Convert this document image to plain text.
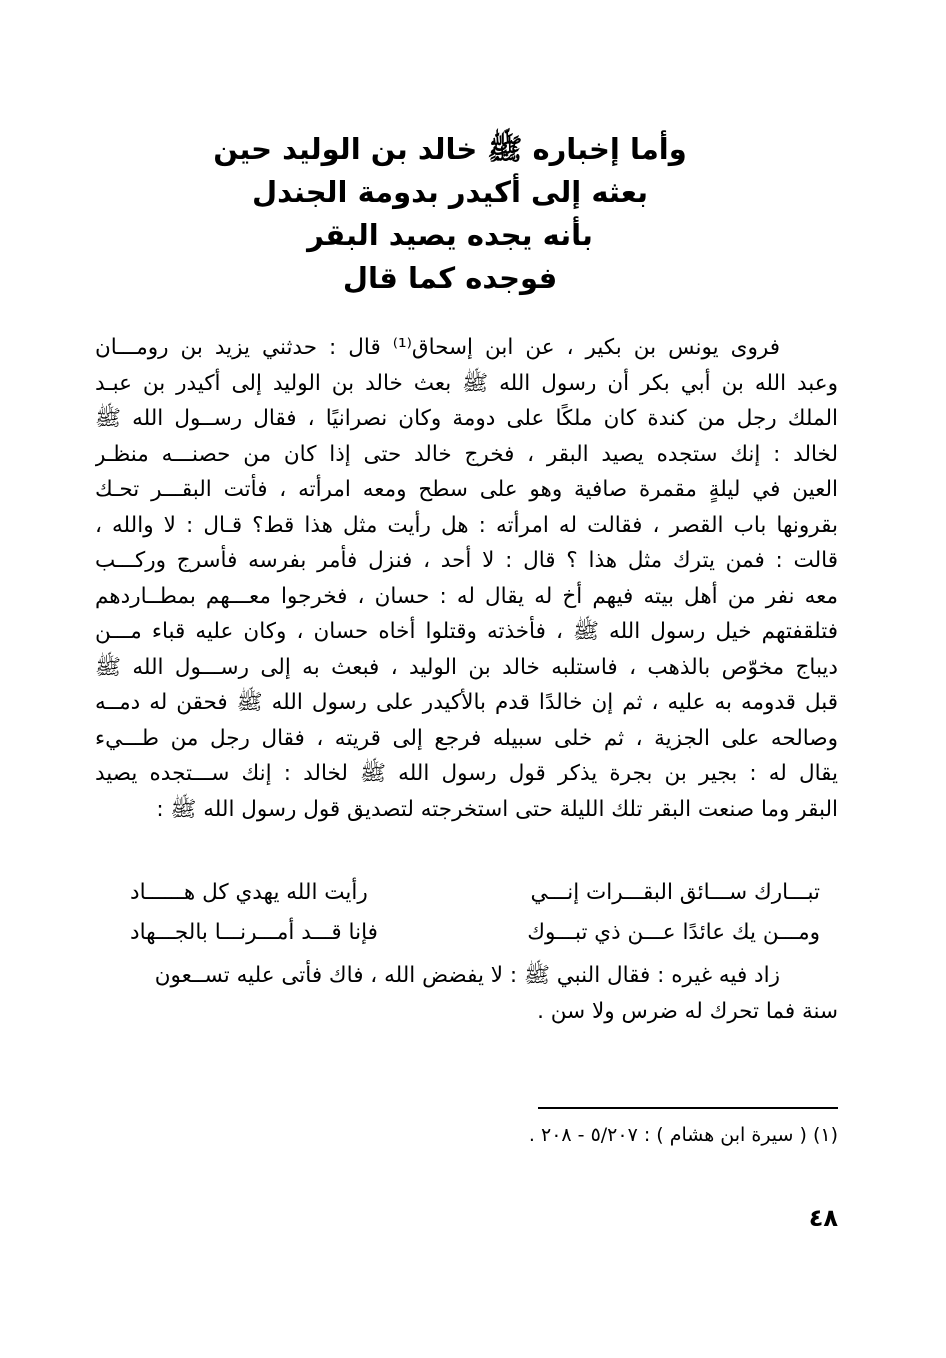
وأما إخباره ﷺ خالد بن الوليد حين
بعثه إلى أكيدر بدومة الجندل
بأنه يجده يصيد البقر
فوجده كما قال
فروى يونس بن بكير ، عن ابن إسحاق⁽¹⁾ قال : حدثني يزيد بن رومـــان
وعبد الله بن أبي بكر أن رسول الله ﷺ بعث خالد بن الوليد إلى أكيدر بن عبـد
الملك رجل من كندة كان ملكًا على دومة وكان نصرانيًا ، فقال رســول الله ﷺ
لخالد : إنك ستجده يصيد البقر ، فخرج خالد حتى إذا كان من حصنـــه منظـر
العين في ليلةٍ مقمرة صافية وهو على سطح ومعه امرأته ، فأتت البقـــر تحـك
بقرونها باب القصر ، فقالت له امرأته : هل رأيت مثل هذا قط؟ قـال : لا والله ،
قالت : فمن يترك مثل هذا ؟ قال : لا أحد ، فنزل فأمر بفرسه فأسرج وركـــب
معه نفر من أهل بيته فيهم أخ له يقال له : حسان ، فخرجوا معـــهم بمطــاردهم
فتلقفتهم خيل رسول الله ﷺ ، فأخذته وقتلوا أخاه حسان ، وكان عليه قباء مـــن
ديباج مخوّص بالذهب ، فاستلبه خالد بن الوليد ، فبعث به إلى رســـول الله ﷺ
قبل قدومه به عليه ، ثم إن خالدًا قدم بالأكيدر على رسول الله ﷺ فحقن له دمــه
وصالحه على الجزية ، ثم خلى سبيله فرجع إلى قريته ، فقال رجل من طـــيء
يقال له : بجير بن بجرة يذكر قول رسول الله ﷺ لخالد : إنك ســـتجده يصيد
البقر وما صنعت البقر تلك الليلة حتى استخرجته لتصديق قول رسول الله ﷺ :
تبـــارك ســـائق البقـــرات إنـــي
رأيت الله يهدي كل هــــــاد
ومـــن يك عائدًا عـــن ذي تبـــوك
فإنا قـــد أمـــرنـــا بالجـــهاد
زاد فيه غيره : فقال النبي ﷺ : لا يفضض الله ، فاك فأتى عليه تســعون
سنة فما تحرك له ضرس ولا سن .
(١) ( سيرة ابن هشام ) : ٥/٢٠٧ - ٢٠٨ .
٤٨
